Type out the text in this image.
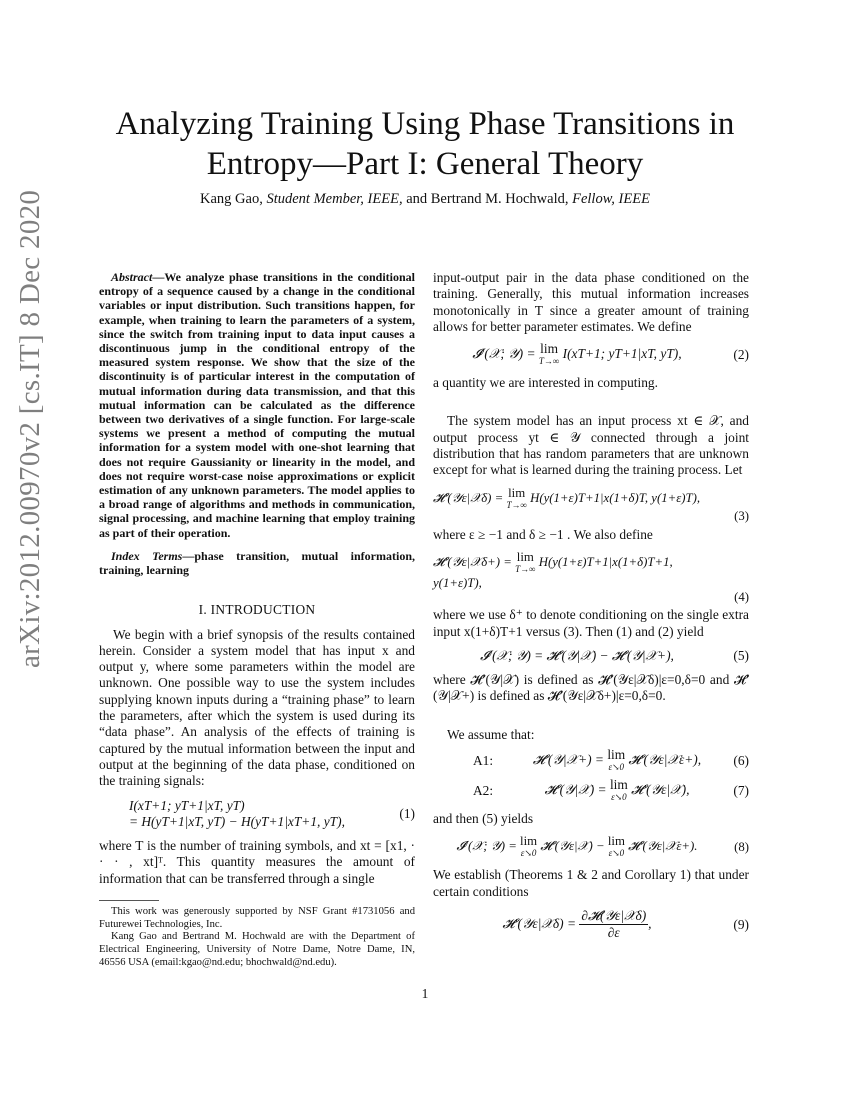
arXiv:2012.00970v2 [cs.IT] 8 Dec 2020
Analyzing Training Using Phase Transitions in
Entropy—Part I: General Theory
Kang Gao, Student Member, IEEE, and Bertrand M. Hochwald, Fellow, IEEE

Abstract—We analyze phase transitions in the conditional entropy of a sequence caused by a change in the conditional variables or input distribution. Such transitions happen, for example, when training to learn the parameters of a system, since the switch from training input to data input causes a discontinuous jump in the conditional entropy of the measured system response. We show that the size of the discontinuity is of particular interest in the computation of mutual information during data transmission, and that this mutual information can be calculated as the difference between two derivatives of a single function. For large-scale systems we present a method of computing the mutual information for a system model with one-shot learning that does not require Gaussianity or linearity in the model, and does not require worst-case noise approximations or explicit estimation of any unknown parameters. The model applies to a broad range of algorithms and methods in communication, signal processing, and machine learning that employ training as part of their operation.

Index Terms—phase transition, mutual information, training, learning

I. INTRODUCTION

We begin with a brief synopsis of the results contained herein. Consider a system model that has input x and output y, where some parameters within the model are unknown. One possible way to use the system includes supplying known inputs during a “training phase” to learn the parameters, after which the system is used during its “data phase”. An analysis of the effects of training is captured by the mutual information between the input and output at the beginning of the data phase, conditioned on the training signals:

I(xT+1; yT+1|xT, yT)
= H(yT+1|xT, yT) − H(yT+1|xT+1, yT),
(1)

where T is the number of training symbols, and xt = [x1, · · · , xt]ᵀ. This quantity measures the amount of information that can be transferred through a single

This work was generously supported by NSF Grant #1731056 and Futurewei Technologies, Inc.

Kang Gao and Bertrand M. Hochwald are with the Department of Electrical Engineering, University of Notre Dame, Notre Dame, IN, 46556 USA (email:kgao@nd.edu; bhochwald@nd.edu).

input-output pair in the data phase conditioned on the training. Generally, this mutual information increases monotonically in T since a greater amount of training allows for better parameter estimates. We define

𝓘′(𝒳; 𝒴) = lim
T→∞ I(xT+1; yT+1|xT, yT),	(2)

a quantity we are interested in computing.

The system model has an input process xt ∈ 𝒳, and output process yt ∈ 𝒴 connected through a joint distribution that has random parameters that are unknown except for what is learned during the training process. Let

𝓗′(𝒴ε|𝒳δ) = lim
T→∞
H(y(1+ε)T+1|x(1+δ)T, y(1+ε)T),
(3)

where ε ≥ −1 and δ ≥ −1 . We also define

𝓗′(𝒴ε|𝒳δ+) = lim
T→∞
H(y(1+ε)T+1|x(1+δ)T+1, y(1+ε)T),
(4)

where we use δ⁺ to denote conditioning on the single extra input x(1+δ)T+1 versus (3). Then (1) and (2) yield

𝓘′(𝒳; 𝒴) = 𝓗′(𝒴|𝒳) − 𝓗′(𝒴|𝒳+),	(5)

where 𝓗′(𝒴|𝒳) is defined as 𝓗′(𝒴ε|𝒳δ)|ε=0,δ=0 and 𝓗′(𝒴|𝒳+) is defined as 𝓗′(𝒴ε|𝒳δ+)|ε=0,δ=0.

We assume that:

A1:	𝓗′(𝒴|𝒳+) = lim
ε↘0 𝓗′(𝒴ε|𝒳ε+),	(6)
A2:	𝓗′(𝒴|𝒳) = lim
ε↘0 𝓗′(𝒴ε|𝒳),	(7)

and then (5) yields

𝓘′(𝒳; 𝒴) = lim
ε↘0
𝓗′(𝒴ε|𝒳) − lim
ε↘0
𝓗′(𝒴ε|𝒳ε+).	(8)

We establish (Theorems 1 & 2 and Corollary 1) that under certain conditions

𝓗′(𝒴ε|𝒳δ) = $\frac{\text{∂𝓗(𝒴ε|𝒳δ)}}{\partial\varepsilon}$ ,	(9)
1
